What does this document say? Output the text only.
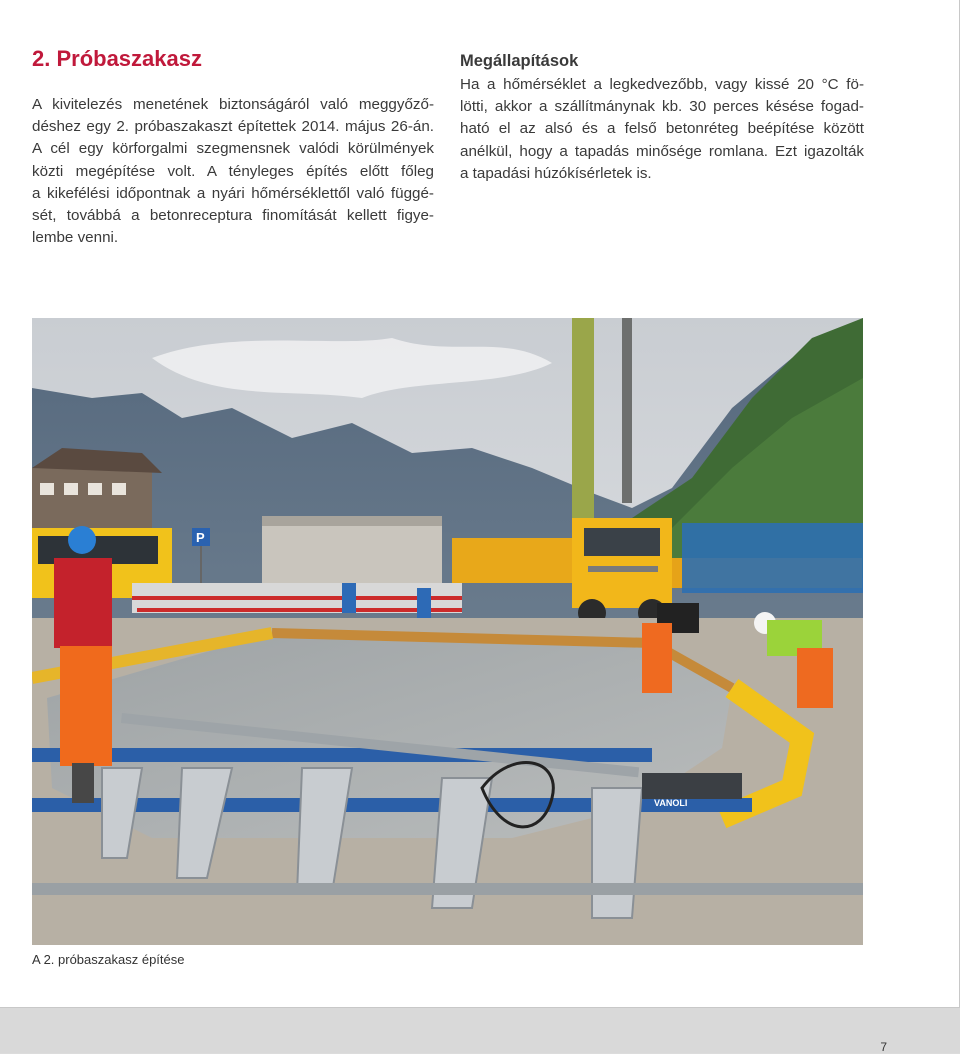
2. Próbaszakasz
A kivitelezés menetének biztonságáról való meggyőző-
déshez egy 2. próbaszakaszt építettek 2014. május 26-án.
A cél egy körforgalmi szegmensnek valódi körülmények
közti megépítése volt. A tényleges építés előtt főleg
a kikefélési időpontnak a nyári hőmérséklettől való függé-
sét, továbbá a betonreceptura finomítását kellett figye-
lembe venni.
Megállapítások

Ha a hőmérséklet a legkedvezőbb, vagy kissé 20 °C fö-
lötti, akkor a szállítmánynak kb. 30 perces késése fogad-
ható el az alsó és a felső betonréteg beépítése között
anélkül, hogy a tapadás minősége romlana. Ezt igazolták
a tapadási húzókísérletek is.

P
VANOLI
A 2. próbaszakasz építése
7
